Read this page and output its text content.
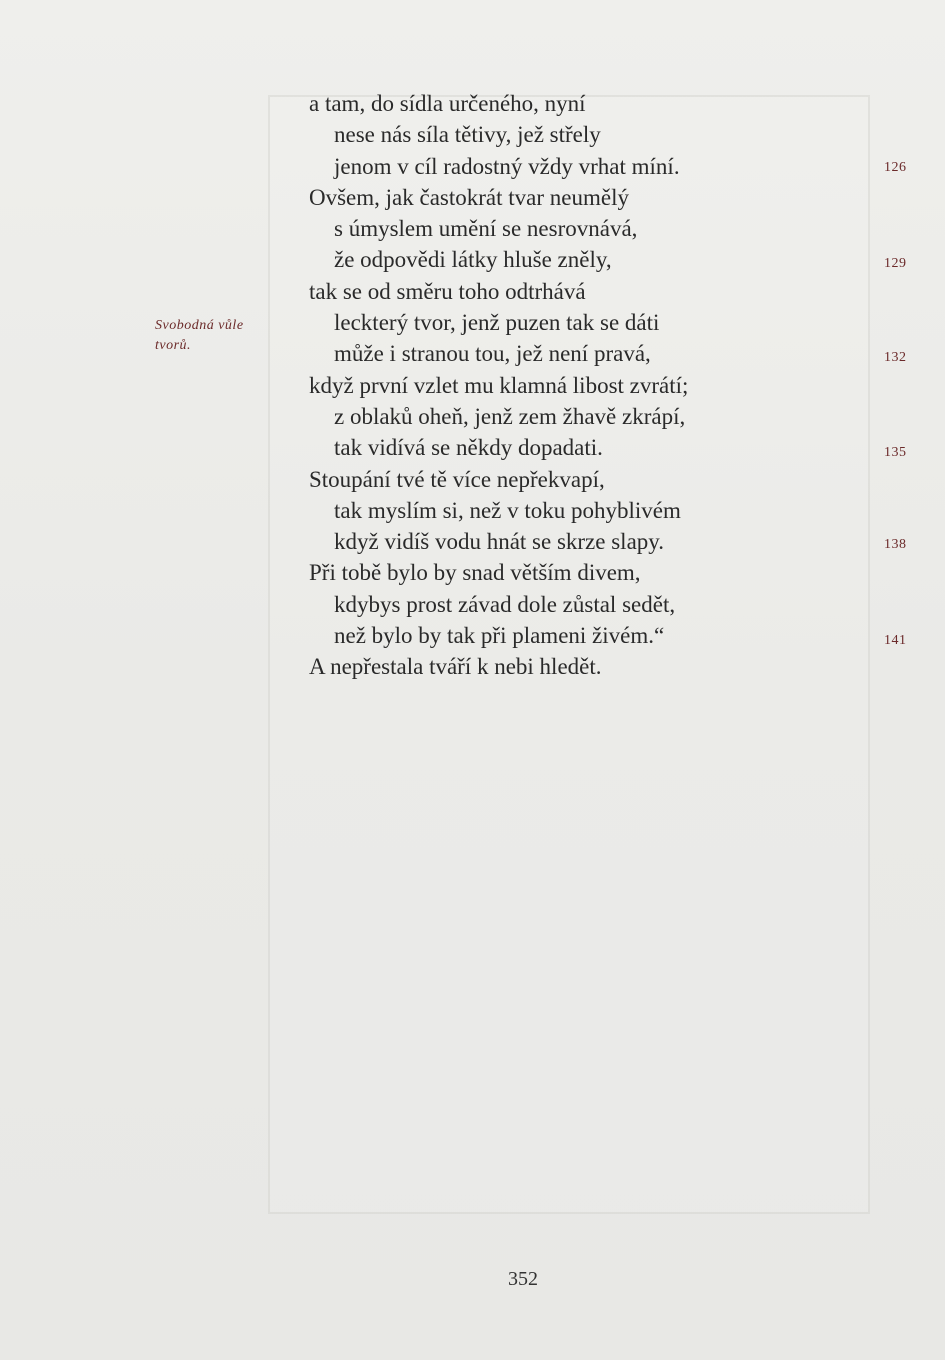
Svobodná vůle
tvorů.
a tam, do sídla určeného, nyní
nese nás síla tětivy, jež střely
jenom v cíl radostný vždy vrhat míní.
Ovšem, jak častokrát tvar neumělý
s úmyslem umění se nesrovnává,
že odpovědi látky hluše zněly,
tak se od směru toho odtrhává
leckterý tvor, jenž puzen tak se dáti
může i stranou tou, jež není pravá,
když první vzlet mu klamná libost zvrátí;
z oblaků oheň, jenž zem žhavě zkrápí,
tak vidívá se někdy dopadati.
Stoupání tvé tě více nepřekvapí,
tak myslím si, než v toku pohyblivém
když vidíš vodu hnát se skrze slapy.
Při tobě bylo by snad větším divem,
kdybys prost závad dole zůstal sedět,
než bylo by tak při plameni živém.“
A nepřestala tváří k nebi hledět.
126
129
132
135
138
141
352
